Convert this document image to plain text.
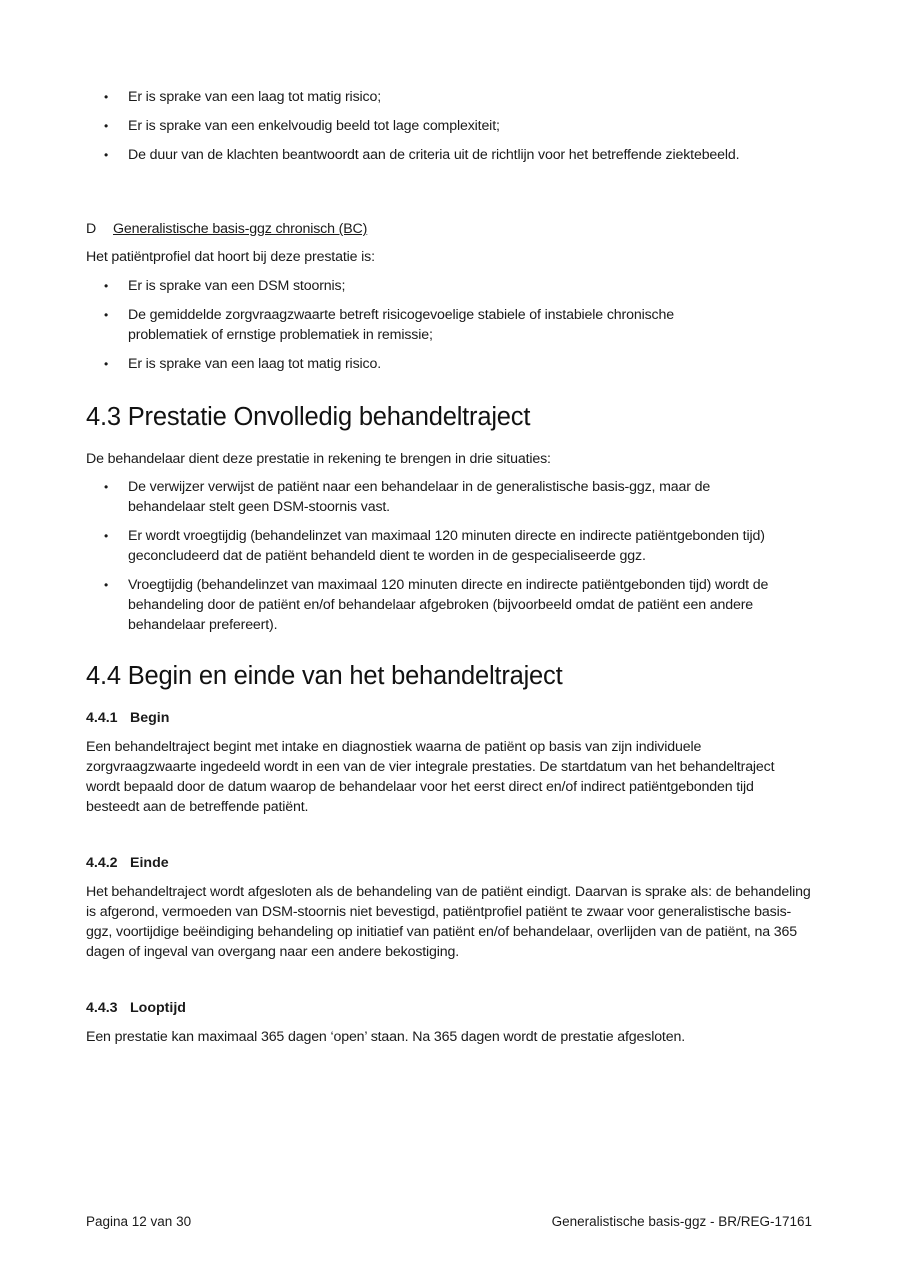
• Er is sprake van een laag tot matig risico;
• Er is sprake van een enkelvoudig beeld tot lage complexiteit;
• De duur van de klachten beantwoordt aan de criteria uit de richtlijn voor het betreffende ziektebeeld.
D Generalistische basis-ggz chronisch (BC)

Het patiëntprofiel dat hoort bij deze prestatie is:

• Er is sprake van een DSM stoornis;
• De gemiddelde zorgvraagzwaarte betreft risicogevoelige stabiele of instabiele chronische problematiek of ernstige problematiek in remissie;
• Er is sprake van een laag tot matig risico.
4.3 Prestatie Onvolledig behandeltraject

De behandelaar dient deze prestatie in rekening te brengen in drie situaties:

• De verwijzer verwijst de patiënt naar een behandelaar in de generalistische basis-ggz, maar de behandelaar stelt geen DSM-stoornis vast.
• Er wordt vroegtijdig (behandelinzet van maximaal 120 minuten directe en indirecte patiëntgebonden tijd) geconcludeerd dat de patiënt behandeld dient te worden in de gespecialiseerde ggz.
• Vroegtijdig (behandelinzet van maximaal 120 minuten directe en indirecte patiëntgebonden tijd) wordt de behandeling door de patiënt en/of behandelaar afgebroken (bijvoorbeeld omdat de patiënt een andere behandelaar prefereert).
4.4 Begin en einde van het behandeltraject
4.4.1 Begin

Een behandeltraject begint met intake en diagnostiek waarna de patiënt op basis van zijn individuele zorgvraagzwaarte ingedeeld wordt in een van de vier integrale prestaties. De startdatum van het behandeltraject wordt bepaald door de datum waarop de behandelaar voor het eerst direct en/of indirect patiëntgebonden tijd besteedt aan de betreffende patiënt.

4.4.2 Einde

Het behandeltraject wordt afgesloten als de behandeling van de patiënt eindigt. Daarvan is sprake als: de behandeling is afgerond, vermoeden van DSM-stoornis niet bevestigd, patiëntprofiel patiënt te zwaar voor generalistische basis-ggz, voortijdige beëindiging behandeling op initiatief van patiënt en/of behandelaar, overlijden van de patiënt, na 365 dagen of ingeval van overgang naar een andere bekostiging.

4.4.3 Looptijd

Een prestatie kan maximaal 365 dagen ‘open’ staan. Na 365 dagen wordt de prestatie afgesloten.

Pagina 12 van 30	Generalistische basis-ggz - BR/REG-17161
